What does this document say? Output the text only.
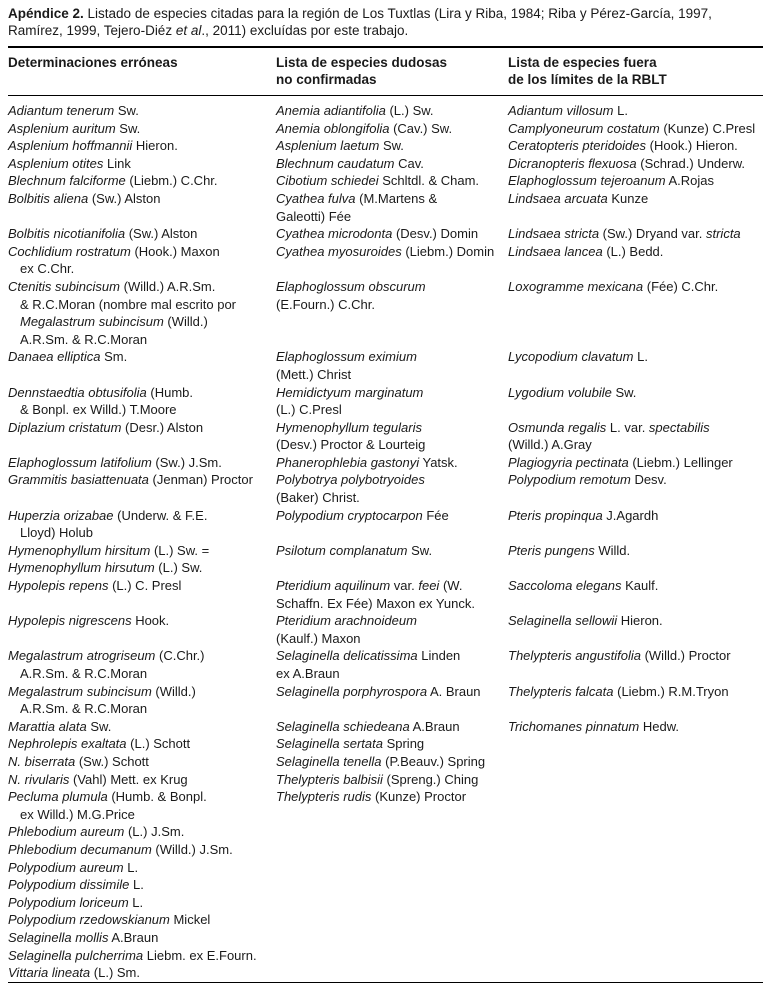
Apéndice 2. Listado de especies citadas para la región de Los Tuxtlas (Lira y Riba, 1984; Riba y Pérez-García, 1997, Ramírez, 1999, Tejero-Diéz et al., 2011) excluídas por este trabajo.

Determinaciones erróneas	Lista de especies dudosas
no confirmadas
Lista de especies fuera
de los límites de la RBLT
Adiantum tenerum Sw.
Asplenium auritum Sw.
Asplenium hoffmannii Hieron.
Asplenium otites Link
Blechnum falciforme (Liebm.) C.Chr.
Bolbitis aliena (Sw.) Alston

Bolbitis nicotianifolia (Sw.) Alston
Cochlidium rostratum (Hook.) Maxon
ex C.Chr.
Ctenitis subincisum (Willd.) A.R.Sm.
& R.C.Moran (nombre mal escrito por
Megalastrum subincisum (Willd.)
A.R.Sm. & R.C.Moran
Danaea elliptica Sm.

Dennstaedtia obtusifolia (Humb.
& Bonpl. ex Willd.) T.Moore
Diplazium cristatum (Desr.) Alston

Elaphoglossum latifolium (Sw.) J.Sm.
Grammitis basiattenuata (Jenman) Proctor

Huperzia orizabae (Underw. & F.E.
Lloyd) Holub
Hymenophyllum hirsitum (L.) Sw. =
Hymenophyllum hirsutum (L.) Sw.
Hypolepis repens (L.) C. Presl

Hypolepis nigrescens Hook.

Megalastrum atrogriseum (C.Chr.)
A.R.Sm. & R.C.Moran
Megalastrum subincisum (Willd.)
A.R.Sm. & R.C.Moran
Marattia alata Sw.
Nephrolepis exaltata (L.) Schott
N. biserrata (Sw.) Schott
N. rivularis (Vahl) Mett. ex Krug
Pecluma plumula (Humb. & Bonpl.
ex Willd.) M.G.Price
Phlebodium aureum (L.) J.Sm.
Phlebodium decumanum (Willd.) J.Sm.
Polypodium aureum L.
Polypodium dissimile L.
Polypodium loriceum L.
Polypodium rzedowskianum Mickel
Selaginella mollis A.Braun
Selaginella pulcherrima Liebm. ex E.Fourn.
Vittaria lineata (L.) Sm.
Anemia adiantifolia (L.) Sw.
Anemia oblongifolia (Cav.) Sw.
Asplenium laetum Sw.
Blechnum caudatum Cav.
Cibotium schiedei Schltdl. & Cham.
Cyathea fulva (M.Martens &
Galeotti) Fée
Cyathea microdonta (Desv.) Domin
Cyathea myosuroides (Liebm.) Domin

Elaphoglossum obscurum
(E.Fourn.) C.Chr.

Elaphoglossum eximium
(Mett.) Christ
Hemidictyum marginatum
(L.) C.Presl
Hymenophyllum tegularis
(Desv.) Proctor & Lourteig
Phanerophlebia gastonyi Yatsk.
Polybotrya polybotryoides
(Baker) Christ.
Polypodium cryptocarpon Fée

Psilotum complanatum Sw.

Pteridium aquilinum var. feei (W.
Schaffn. Ex Fée) Maxon ex Yunck.
Pteridium arachnoideum
(Kaulf.) Maxon
Selaginella delicatissima Linden
ex A.Braun
Selaginella porphyrospora A. Braun

Selaginella schiedeana A.Braun
Selaginella sertata Spring
Selaginella tenella (P.Beauv.) Spring
Thelypteris balbisii (Spreng.) Ching
Thelypteris rudis (Kunze) Proctor
Adiantum villosum L.
Camplyoneurum costatum (Kunze) C.Presl
Ceratopteris pteridoides (Hook.) Hieron.
Dicranopteris flexuosa (Schrad.) Underw.
Elaphoglossum tejeroanum A.Rojas
Lindsaea arcuata Kunze

Lindsaea stricta (Sw.) Dryand var. stricta
Lindsaea lancea (L.) Bedd.

Loxogramme mexicana (Fée) C.Chr.

Lycopodium clavatum L.

Lygodium volubile Sw.

Osmunda regalis L. var. spectabilis
(Willd.) A.Gray
Plagiogyria pectinata (Liebm.) Lellinger
Polypodium remotum Desv.

Pteris propinqua J.Agardh

Pteris pungens Willd.

Saccoloma elegans Kaulf.

Selaginella sellowii Hieron.

Thelypteris angustifolia (Willd.) Proctor

Thelypteris falcata (Liebm.) R.M.Tryon

Trichomanes pinnatum Hedw.
